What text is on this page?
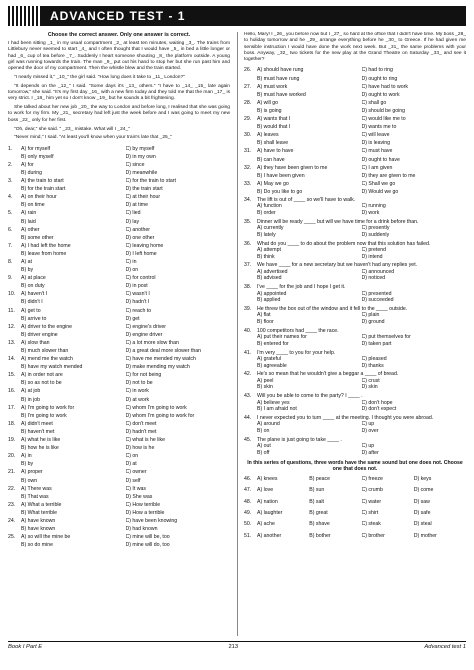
ADVANCED TEST - 1
Choose the correct answer. Only one answer is correct.

I had been sitting _1_ in my usual compartment _2_ at least ten minutes, waiting _3_. The trains from Littlebury never seemed to start _4_ and I often thought that I would have _5_ in bed a little longer or had _6_ cup of tea before _7_. Suddenly I heart someone shouting _8_ the platform outside. A young girl was running towards the train. The man _9_ put out his hand to stop her but she run past him and opened the door of my compartment. Then the whistle blew and the train started.

"I nearly missed it," _10_" the girl said. "How long does it take to _11_ London?"

"It depends on the _12_" I said. "Some days it's _13_ others." "I have to _14_ _15_ late again tomorrow," she said. "It's my first day _16_ with a new firm today and they told me that the man _17_ is very strict. I _18_ him yet so I don't know _19_ but he sounds a bit frightening.

She talked about her new job _20_ the way to London and before long, I realised that she was going to work for my firm. My _21_ secretary had left just the week before and I was going to meet my new boss _22_ only for her first.

"Oh, dear," she said. " _23_ mistake. What will I _24_"

"Never mind," I said. "At least you'll know when your train's late that _25_"

1.	A) for myself	C) by myself
B) only myself	D) in my own
2.	A) for	C) since
B) during	D) meanwhile
3.	A) the train to start	C) for the train to start
B) for the train start	D) the train start
4.	A) on their hour	C) at their hour
B) on time	D) at time
5.	A) rain	C) lied
B) laid	D) lay
6.	A) other	C) another
B) some other	D) one other
7.	A) I had left the home	C) leaving home
B) leave from home	D) I left home
8.	A) at	C) in
B) by	D) on
9.	A) at place	C) for control
B) on duty	D) in post
10.	A) haven't I	C) wasn't I
B) didn't I	D) hadn't I
11.	A) get to	C) reach to
B) arrive to	D) get
12.	A) driver to the engine	C) engine's driver
B) driver engine	D) engine driver
13.	A) slow than	C) a lot more slow than
B) much slower than	D) a great deal more slower than
14.	A) mend me the watch	C) have me mended my watch
B) have my watch mended	D) make mending my watch
15.	A) in order not are	C) for not being
B) so as not to be	D) not to be
16.	A) at job	C) in work
B) in job	D) at work
17.	A) I'm going to work for	C) whom I'm going to work
B) I'm going to work	D) whom I'm going to work for
18.	A) didn't meet	C) don't meet
B) haven't met	D) hadn't met
19.	A) what he is like	C) what is he like
B) how he is like	D) how is he
20.	A) in	C) on
B) by	D) at
21.	A) proper	C) owner
B) own	D) self
22.	A) There was	C) It was
B) That was	D) She was
23.	A) What a terrible	C) How terrible
B) What terrible	D) How a terrible
24.	A) have known	C) have been knowing
B) have known	D) had known
25.	A) so will the mine be	C) mine will be, too
B) so do mine	D) mine will do, too

Hello, Mary! I _26_ you before now but I _27_ so hard at the office that I didn't have time. My boss _28_ to holiday tomorrow and he _29_ arrange everything before he _30_ to Greece. If he had given me sensible instruction I would have done the work next week. But _31_ the same problems with your boss. Anyway, _32_ two tickets for the new play at the Grand Theatre on Saturday _33_ and see it together?

26.	A) should have rung	C) had to ring
B) must have rung	D) ought to ring
27.	A) must work	C) have had to work
B) must have worked	D) ought to work
28.	A) will go	C) shall go
B) is going	D) should be going
29.	A) wants that I	C) would like me to
B) would that I	D) wants me to
30.	A) leaves	C) will leave
B) shall leave	D) is leaving
31.	A) have to have	C) must have
B) can have	D) ought to have
32.	A) they have been given to me	C) I am given
B) I have been given	D) they are given to me
33.	A) May we go	C) Shall we go
B) Do you like to go	D) Would we go
34.	The lift is out of ____ so we'll have to walk.
A) function	C) running
B) order	D) work
35.	Dinner will be ready ____ but will we have time for a drink before than.
A) currently	C) presently
B) lately	D) suddenly
36.	What do you ____ to do about the problem now that this solution has failed.
A) attempt	C) pretend
B) think	D) intend
37.	We have ____ for a new secretary but we haven't had any replies yet.
A) advertised	C) announced
B) advised	D) noticed
38.	I've ____ for the job and I hope I get it.
A) appointed	C) presented
B) applied	D) succeeded
39.	He threw the box out of the window and it fell to the ____ outside.
A) flat	C) plain
B) floor	D) ground
40.	100 competitors had ____ the race.
A) put their names for	C) put themselves for
B) entered for	D) taken part
41.	I'm very ____ to you for your help.
A) grateful	C) pleased
B) agreeable	D) thanks
42.	He's so mean that he wouldn't give a beggar a ____ of bread.
A) peel	C) crust
B) skin	D) skin
43.	Will you be able to come to the party? I ____ .
A) believe yes	C) don't hope
B) I am afraid not	D) don't expect
44.	I never expected you to turn ____ at the meeting. I thought you were abroad.
A) around	C) up
B) on	D) over
45.	The plane is just going to take ____ .
A) out	C) up
B) off	D) after
In this series of questions, three words have the same sound but one does not. Choose one that does not.
46.	A) knees	B) peace	C) freeze	D) keys
47.	A) love	B) sun	C) crumb	D) come
48.	A) nation	B) salt	C) water	D) saw
49.	A) laughter	B) great	C) shirt	D) safe
50.	A) ache	B) shave	C) steak	D) steal
51.	A) another	B) bother	C) brother	D) mother
Book I Part E	213	Advanced test 1
